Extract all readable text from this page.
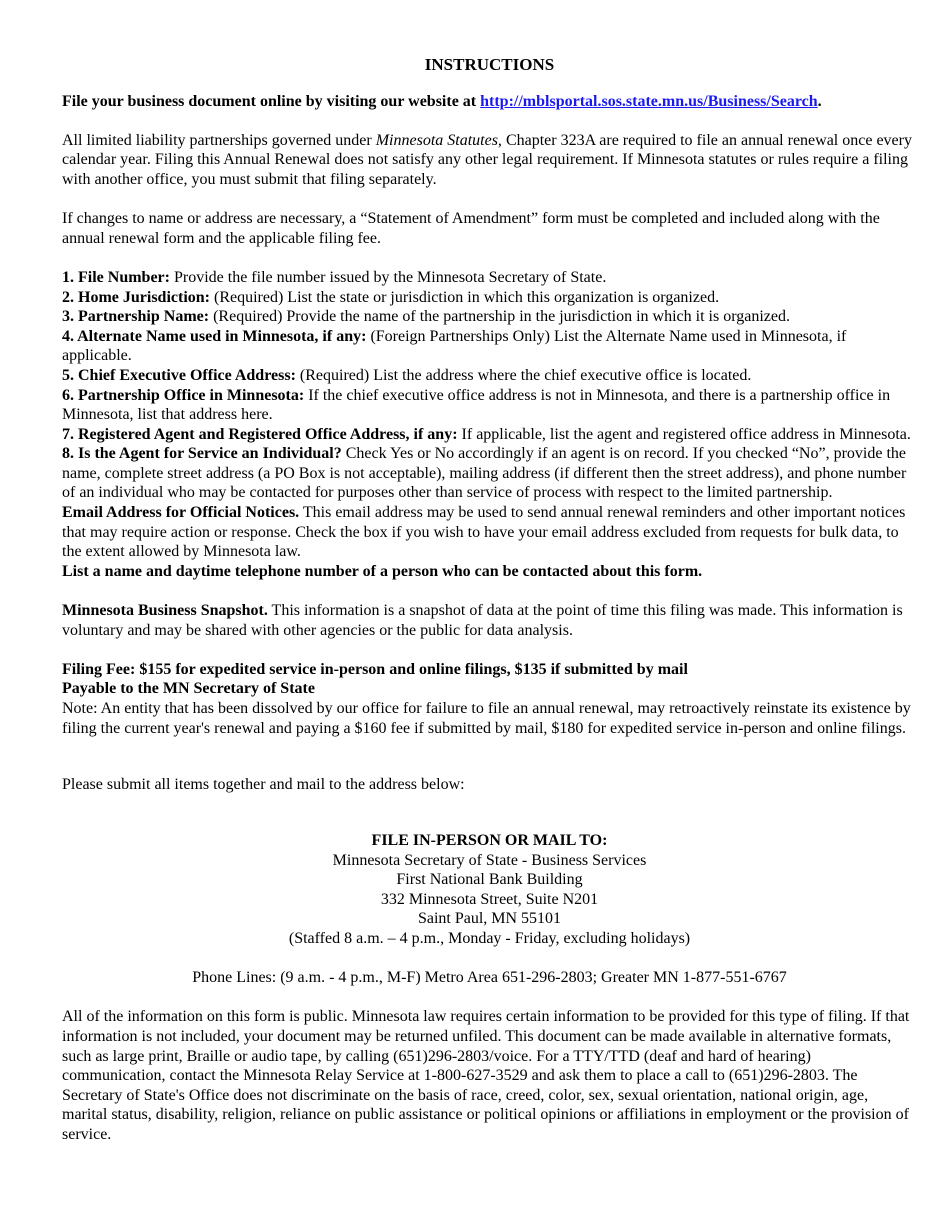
INSTRUCTIONS

File your business document online by visiting our website at http://mblsportal.sos.state.mn.us/Business/Search.

All limited liability partnerships governed under Minnesota Statutes, Chapter 323A are required to file an annual renewal once every calendar year. Filing this Annual Renewal does not satisfy any other legal requirement. If Minnesota statutes or rules require a filing with another office, you must submit that filing separately.

If changes to name or address are necessary, a “Statement of Amendment” form must be completed and included along with the annual renewal form and the applicable filing fee.

1. File Number: Provide the file number issued by the Minnesota Secretary of State.

2. Home Jurisdiction: (Required) List the state or jurisdiction in which this organization is organized.

3. Partnership Name: (Required) Provide the name of the partnership in the jurisdiction in which it is organized.

4. Alternate Name used in Minnesota, if any: (Foreign Partnerships Only) List the Alternate Name used in Minnesota, if applicable.

5. Chief Executive Office Address: (Required) List the address where the chief executive office is located.

6. Partnership Office in Minnesota: If the chief executive office address is not in Minnesota, and there is a partnership office in Minnesota, list that address here.

7. Registered Agent and Registered Office Address, if any: If applicable, list the agent and registered office address in Minnesota.

8. Is the Agent for Service an Individual? Check Yes or No accordingly if an agent is on record. If you checked “No”, provide the name, complete street address (a PO Box is not acceptable), mailing address (if different then the street address), and phone number of an individual who may be contacted for purposes other than service of process with respect to the limited partnership.

Email Address for Official Notices. This email address may be used to send annual renewal reminders and other important notices that may require action or response. Check the box if you wish to have your email address excluded from requests for bulk data, to the extent allowed by Minnesota law.

List a name and daytime telephone number of a person who can be contacted about this form.

Minnesota Business Snapshot. This information is a snapshot of data at the point of time this filing was made. This information is voluntary and may be shared with other agencies or the public for data analysis.

Filing Fee: $155 for expedited service in-person and online filings, $135 if submitted by mail

Payable to the MN Secretary of State

Note: An entity that has been dissolved by our office for failure to file an annual renewal, may retroactively reinstate its existence by filing the current year's renewal and paying a $160 fee if submitted by mail, $180 for expedited service in-person and online filings.

Please submit all items together and mail to the address below:

FILE IN-PERSON OR MAIL TO:

Minnesota Secretary of State - Business Services

First National Bank Building

332 Minnesota Street, Suite N201

Saint Paul, MN 55101

(Staffed 8 a.m. – 4 p.m., Monday - Friday, excluding holidays)

Phone Lines: (9 a.m. - 4 p.m., M-F) Metro Area 651-296-2803; Greater MN 1-877-551-6767

All of the information on this form is public. Minnesota law requires certain information to be provided for this type of filing. If that information is not included, your document may be returned unfiled. This document can be made available in alternative formats, such as large print, Braille or audio tape, by calling (651)296-2803/voice. For a TTY/TTD (deaf and hard of hearing) communication, contact the Minnesota Relay Service at 1-800-627-3529 and ask them to place a call to (651)296-2803. The Secretary of State's Office does not discriminate on the basis of race, creed, color, sex, sexual orientation, national origin, age, marital status, disability, religion, reliance on public assistance or political opinions or affiliations in employment or the provision of service.
